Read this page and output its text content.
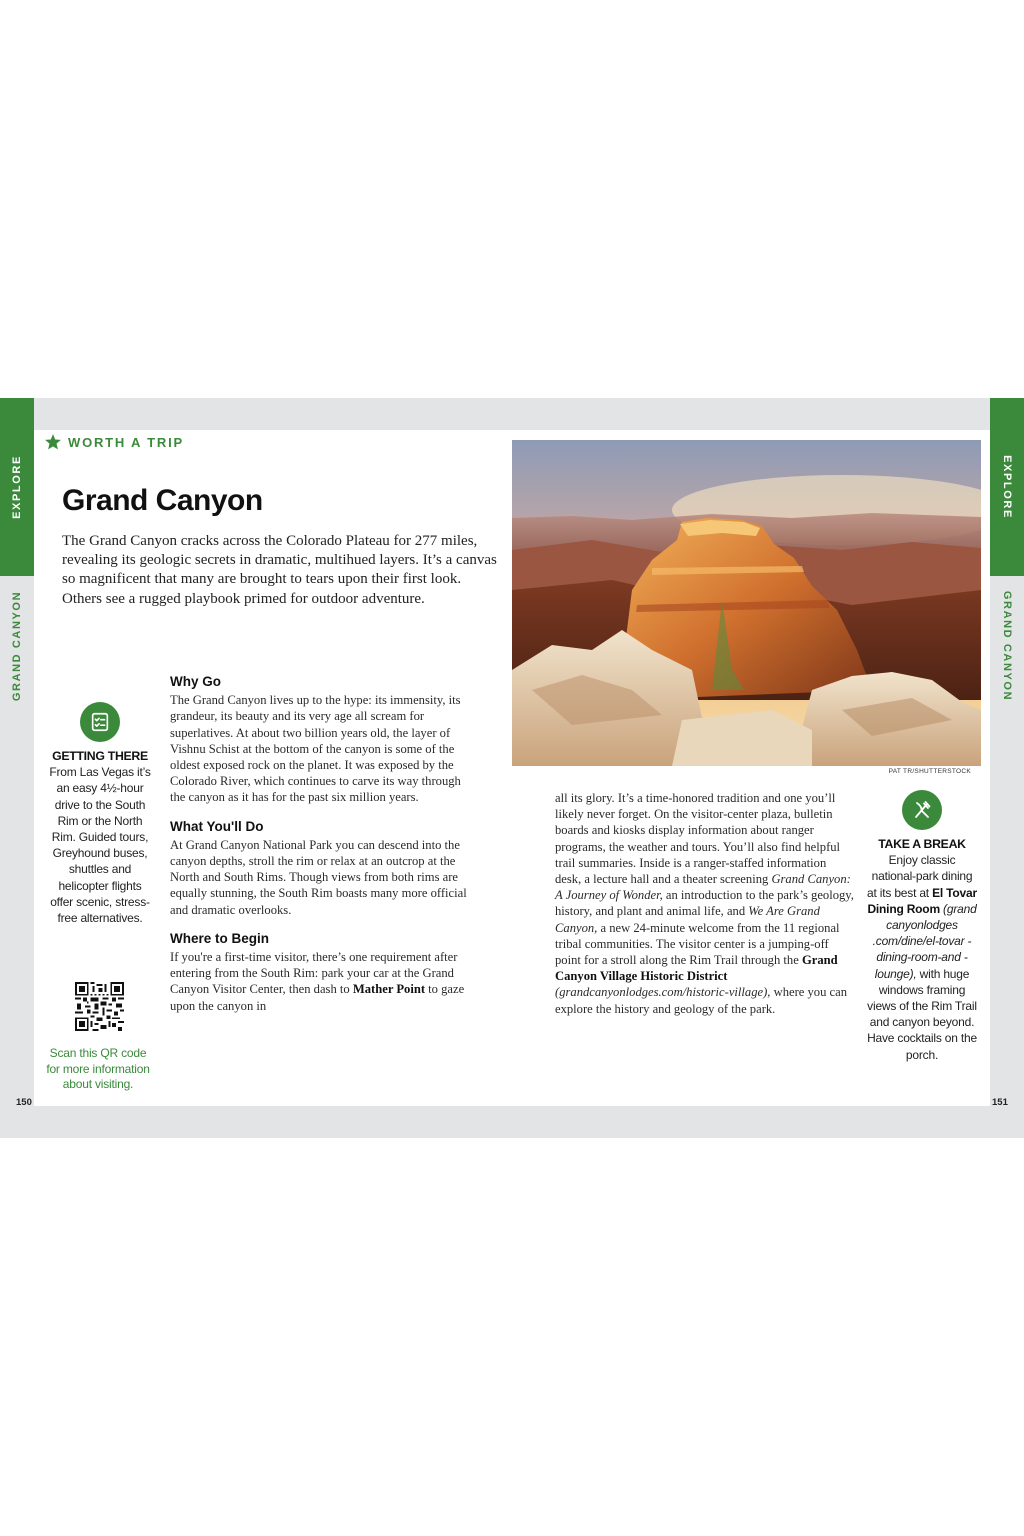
EXPLORE
GRAND CANYON
EXPLORE
GRAND CANYON
WORTH A TRIP
Grand Canyon

The Grand Canyon cracks across the Colorado Plateau for 277 miles, revealing its geologic secrets in dramatic, multihued layers. It’s a canvas so magnificent that many are brought to tears upon their first look. Others see a rugged playbook primed for outdoor adventure.

Why Go

The Grand Canyon lives up to the hype: its immensity, its grandeur, its beauty and its very age all scream for superlatives. At about two billion years old, the layer of Vishnu Schist at the bottom of the canyon is some of the oldest exposed rock on the planet. It was exposed by the Colorado River, which continues to carve its way through the canyon as it has for the past six million years.

What You'll Do

At Grand Canyon National Park you can descend into the canyon depths, stroll the rim or relax at an outcrop at the North and South Rims. Though views from both rims are equally stunning, the South Rim boasts many more official and dramatic overlooks.

Where to Begin

If you're a first-time visitor, there’s one requirement after entering from the South Rim: park your car at the Grand Canyon Visitor Center, then dash to Mather Point to gaze upon the canyon in

all its glory. It’s a time-honored tradition and one you’ll likely never forget. On the visitor-center plaza, bulletin boards and kiosks display information about ranger programs, the weather and tours. You’ll also find helpful trail summaries. Inside is a ranger-staffed information desk, a lecture hall and a theater screening Grand Canyon: A Journey of Wonder, an introduction to the park’s geology, history, and plant and animal life, and We Are Grand Canyon, a new 24-minute welcome from the 11 regional tribal communities. The visitor center is a jumping-off point for a stroll along the Rim Trail through the Grand Canyon Village Historic District (grandcanyonlodges.com/historic-village), where you can explore the history and geology of the park.

GETTING THERE
From Las Vegas it’s an easy 4½-hour drive to the South Rim or the North Rim. Guided tours, Greyhound buses, shuttles and helicopter flights offer scenic, stress-free alternatives.
Scan this QR code for more information about visiting.
TAKE A BREAK
Enjoy classic national-park dining at its best at El Tovar Dining Room (grand canyonlodges .com/dine/el-tovar -dining-room-and -lounge), with huge windows framing views of the Rim Trail and canyon beyond. Have cocktails on the porch.
PAT TR/SHUTTERSTOCK
150	151
